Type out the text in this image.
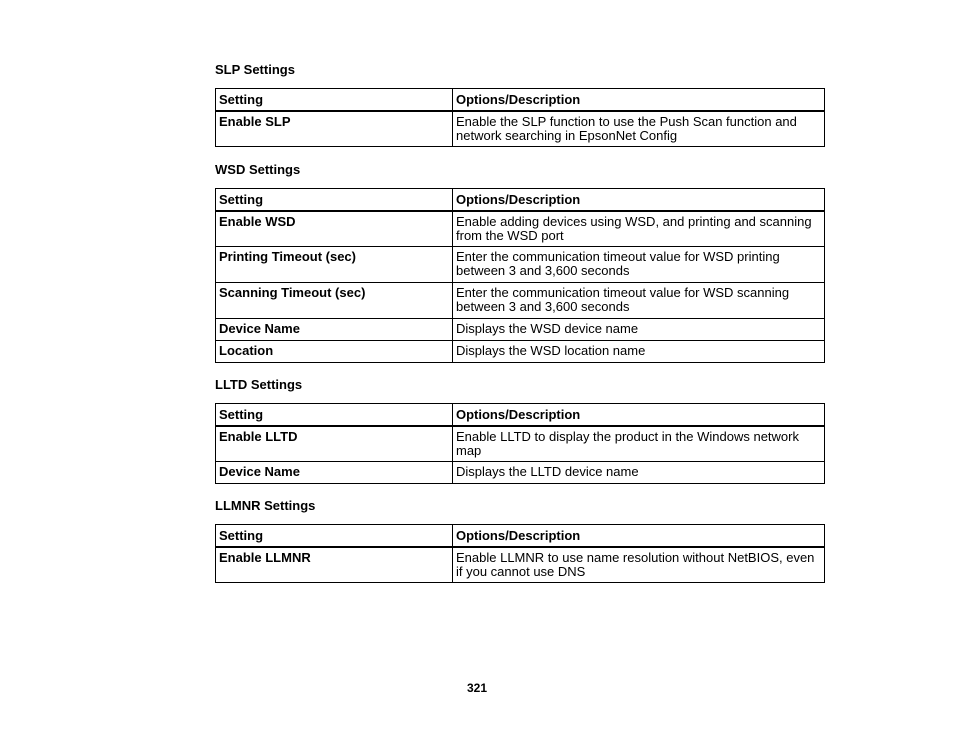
SLP Settings
Setting	Options/Description
Enable SLP	Enable the SLP function to use the Push Scan function and network searching in EpsonNet Config
WSD Settings
Setting	Options/Description
Enable WSD	Enable adding devices using WSD, and printing and scanning from the WSD port
Printing Timeout (sec)	Enter the communication timeout value for WSD printing between 3 and 3,600 seconds
Scanning Timeout (sec)	Enter the communication timeout value for WSD scanning between 3 and 3,600 seconds
Device Name	Displays the WSD device name
Location	Displays the WSD location name
LLTD Settings
Setting	Options/Description
Enable LLTD	Enable LLTD to display the product in the Windows network map
Device Name	Displays the LLTD device name
LLMNR Settings
Setting	Options/Description
Enable LLMNR	Enable LLMNR to use name resolution without NetBIOS, even if you cannot use DNS
321
